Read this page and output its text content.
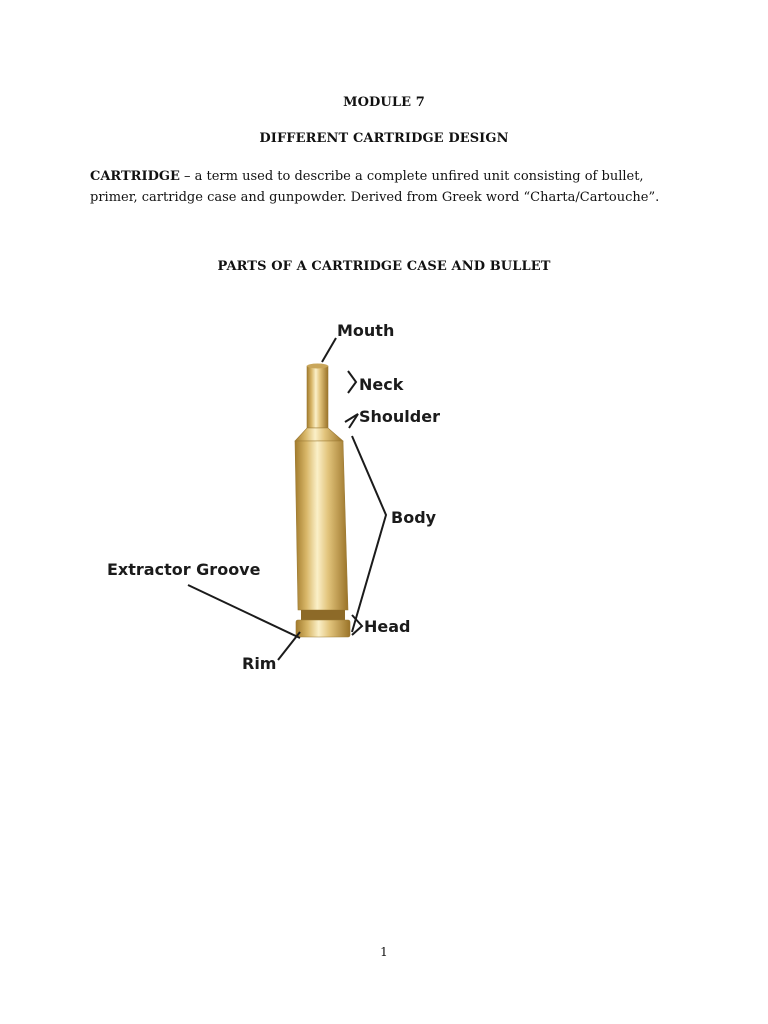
MODULE 7
DIFFERENT CARTRIDGE DESIGN
CARTRIDGE – a term used to describe a complete unfired unit consisting of bullet, primer, cartridge case and gunpowder. Derived from Greek word “Charta/Cartouche”.
PARTS OF A CARTRIDGE CASE AND BULLET
Mouth
Neck
Shoulder
Body
Extractor Groove
Head
Rim
1
